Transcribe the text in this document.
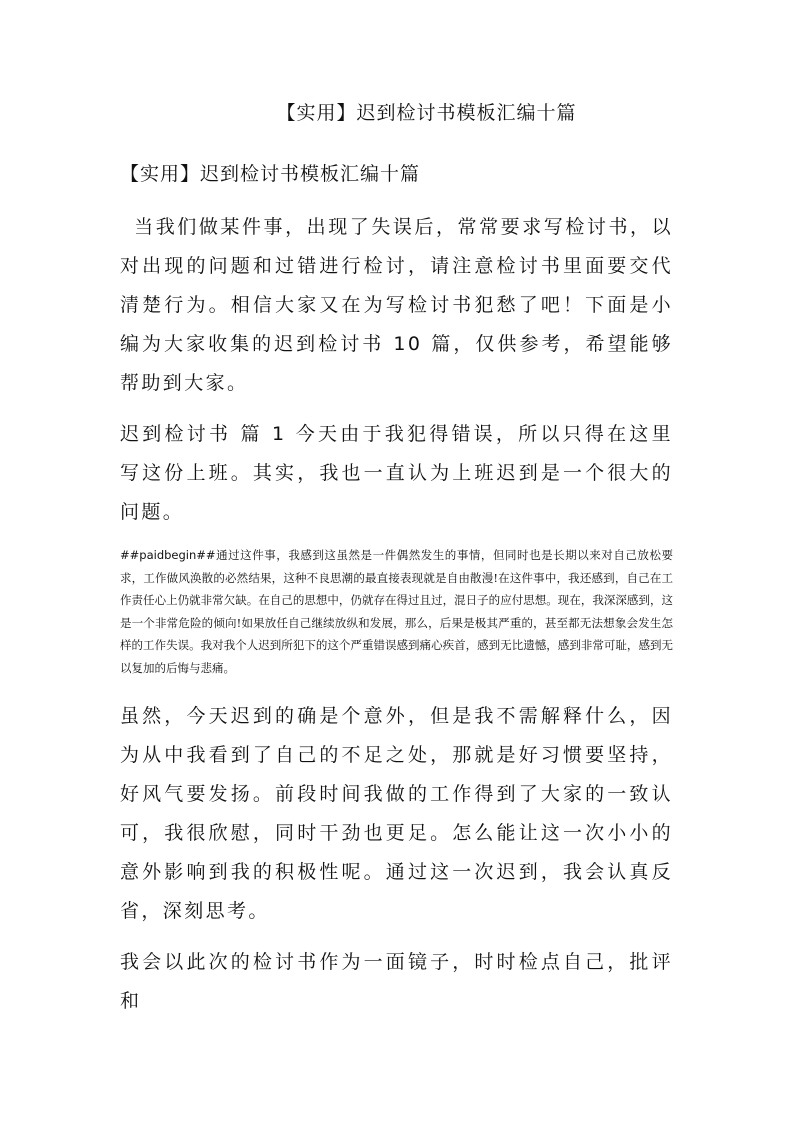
【实用】迟到检讨书模板汇编十篇
【实用】迟到检讨书模板汇编十篇

当我们做某件事，出现了失误后，常常要求写检讨书，以对出现的问题和过错进行检讨，请注意检讨书里面要交代清楚行为。相信大家又在为写检讨书犯愁了吧！下面是小编为大家收集的迟到检讨书 10 篇，仅供参考，希望能够帮助到大家。

迟到检讨书 篇 1 今天由于我犯得错误，所以只得在这里写这份上班。其实，我也一直认为上班迟到是一个很大的问题。

##paidbegin##通过这件事，我感到这虽然是一件偶然发生的事情，但同时也是长期以来对自己放松要求，工作做风涣散的必然结果，这种不良思潮的最直接表现就是自由散漫!在这件事中，我还感到，自己在工作责任心上仍就非常欠缺。在自己的思想中，仍就存在得过且过，混日子的应付思想。现在，我深深感到，这是一个非常危险的倾向!如果放任自己继续放纵和发展，那么，后果是极其严重的，甚至都无法想象会发生怎样的工作失误。我对我个人迟到所犯下的这个严重错误感到痛心疾首，感到无比遗憾，感到非常可耻，感到无以复加的后悔与悲痛。

虽然，今天迟到的确是个意外，但是我不需解释什么，因为从中我看到了自己的不足之处，那就是好习惯要坚持，好风气要发扬。前段时间我做的工作得到了大家的一致认可，我很欣慰，同时干劲也更足。怎么能让这一次小小的意外影响到我的积极性呢。通过这一次迟到，我会认真反省，深刻思考。

我会以此次的检讨书作为一面镜子，时时检点自己，批评和
